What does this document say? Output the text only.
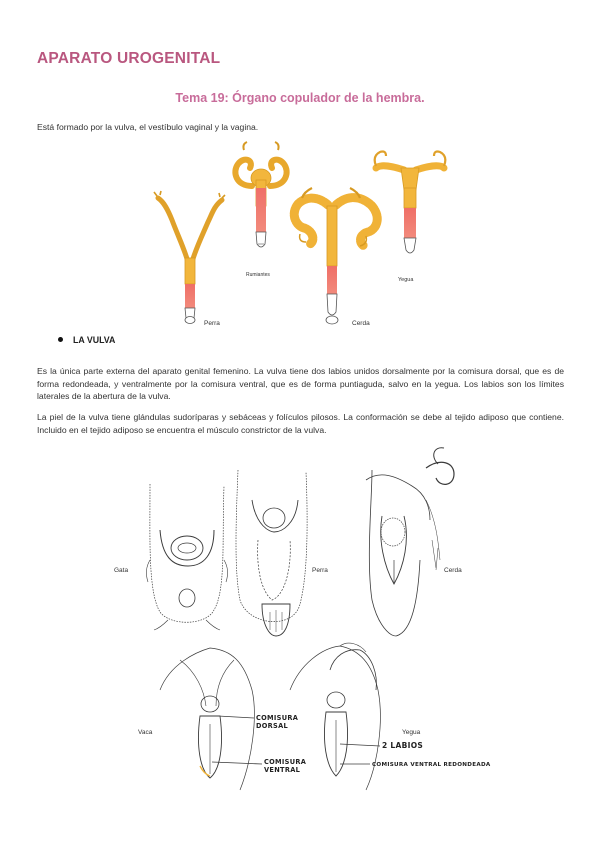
APARATO UROGENITAL
Tema 19: Órgano copulador de la hembra.
Está formado por la vulva, el vestíbulo vaginal y la vagina.
Perra
Rumiantes
Cerda
Yegua
LA VULVA
Es la única parte externa del aparato genital femenino. La vulva tiene dos labios unidos dorsalmente por la comisura dorsal, que es de forma redondeada, y ventralmente por la comisura ventral, que es de forma puntiaguda, salvo en la yegua. Los labios son los límites laterales de la abertura de la vulva.
La piel de la vulva tiene glándulas sudoríparas y sebáceas y folículos pilosos. La conformación se debe al tejido adiposo que contiene. Incluido en el tejido adiposo se encuentra el músculo constrictor de la vulva.
Gata	Perra	Cerda
Vaca	Yegua
COMISURA DORSAL
COMISURA VENTRAL
2 LABIOS
COMISURA VENTRAL REDONDEADA
